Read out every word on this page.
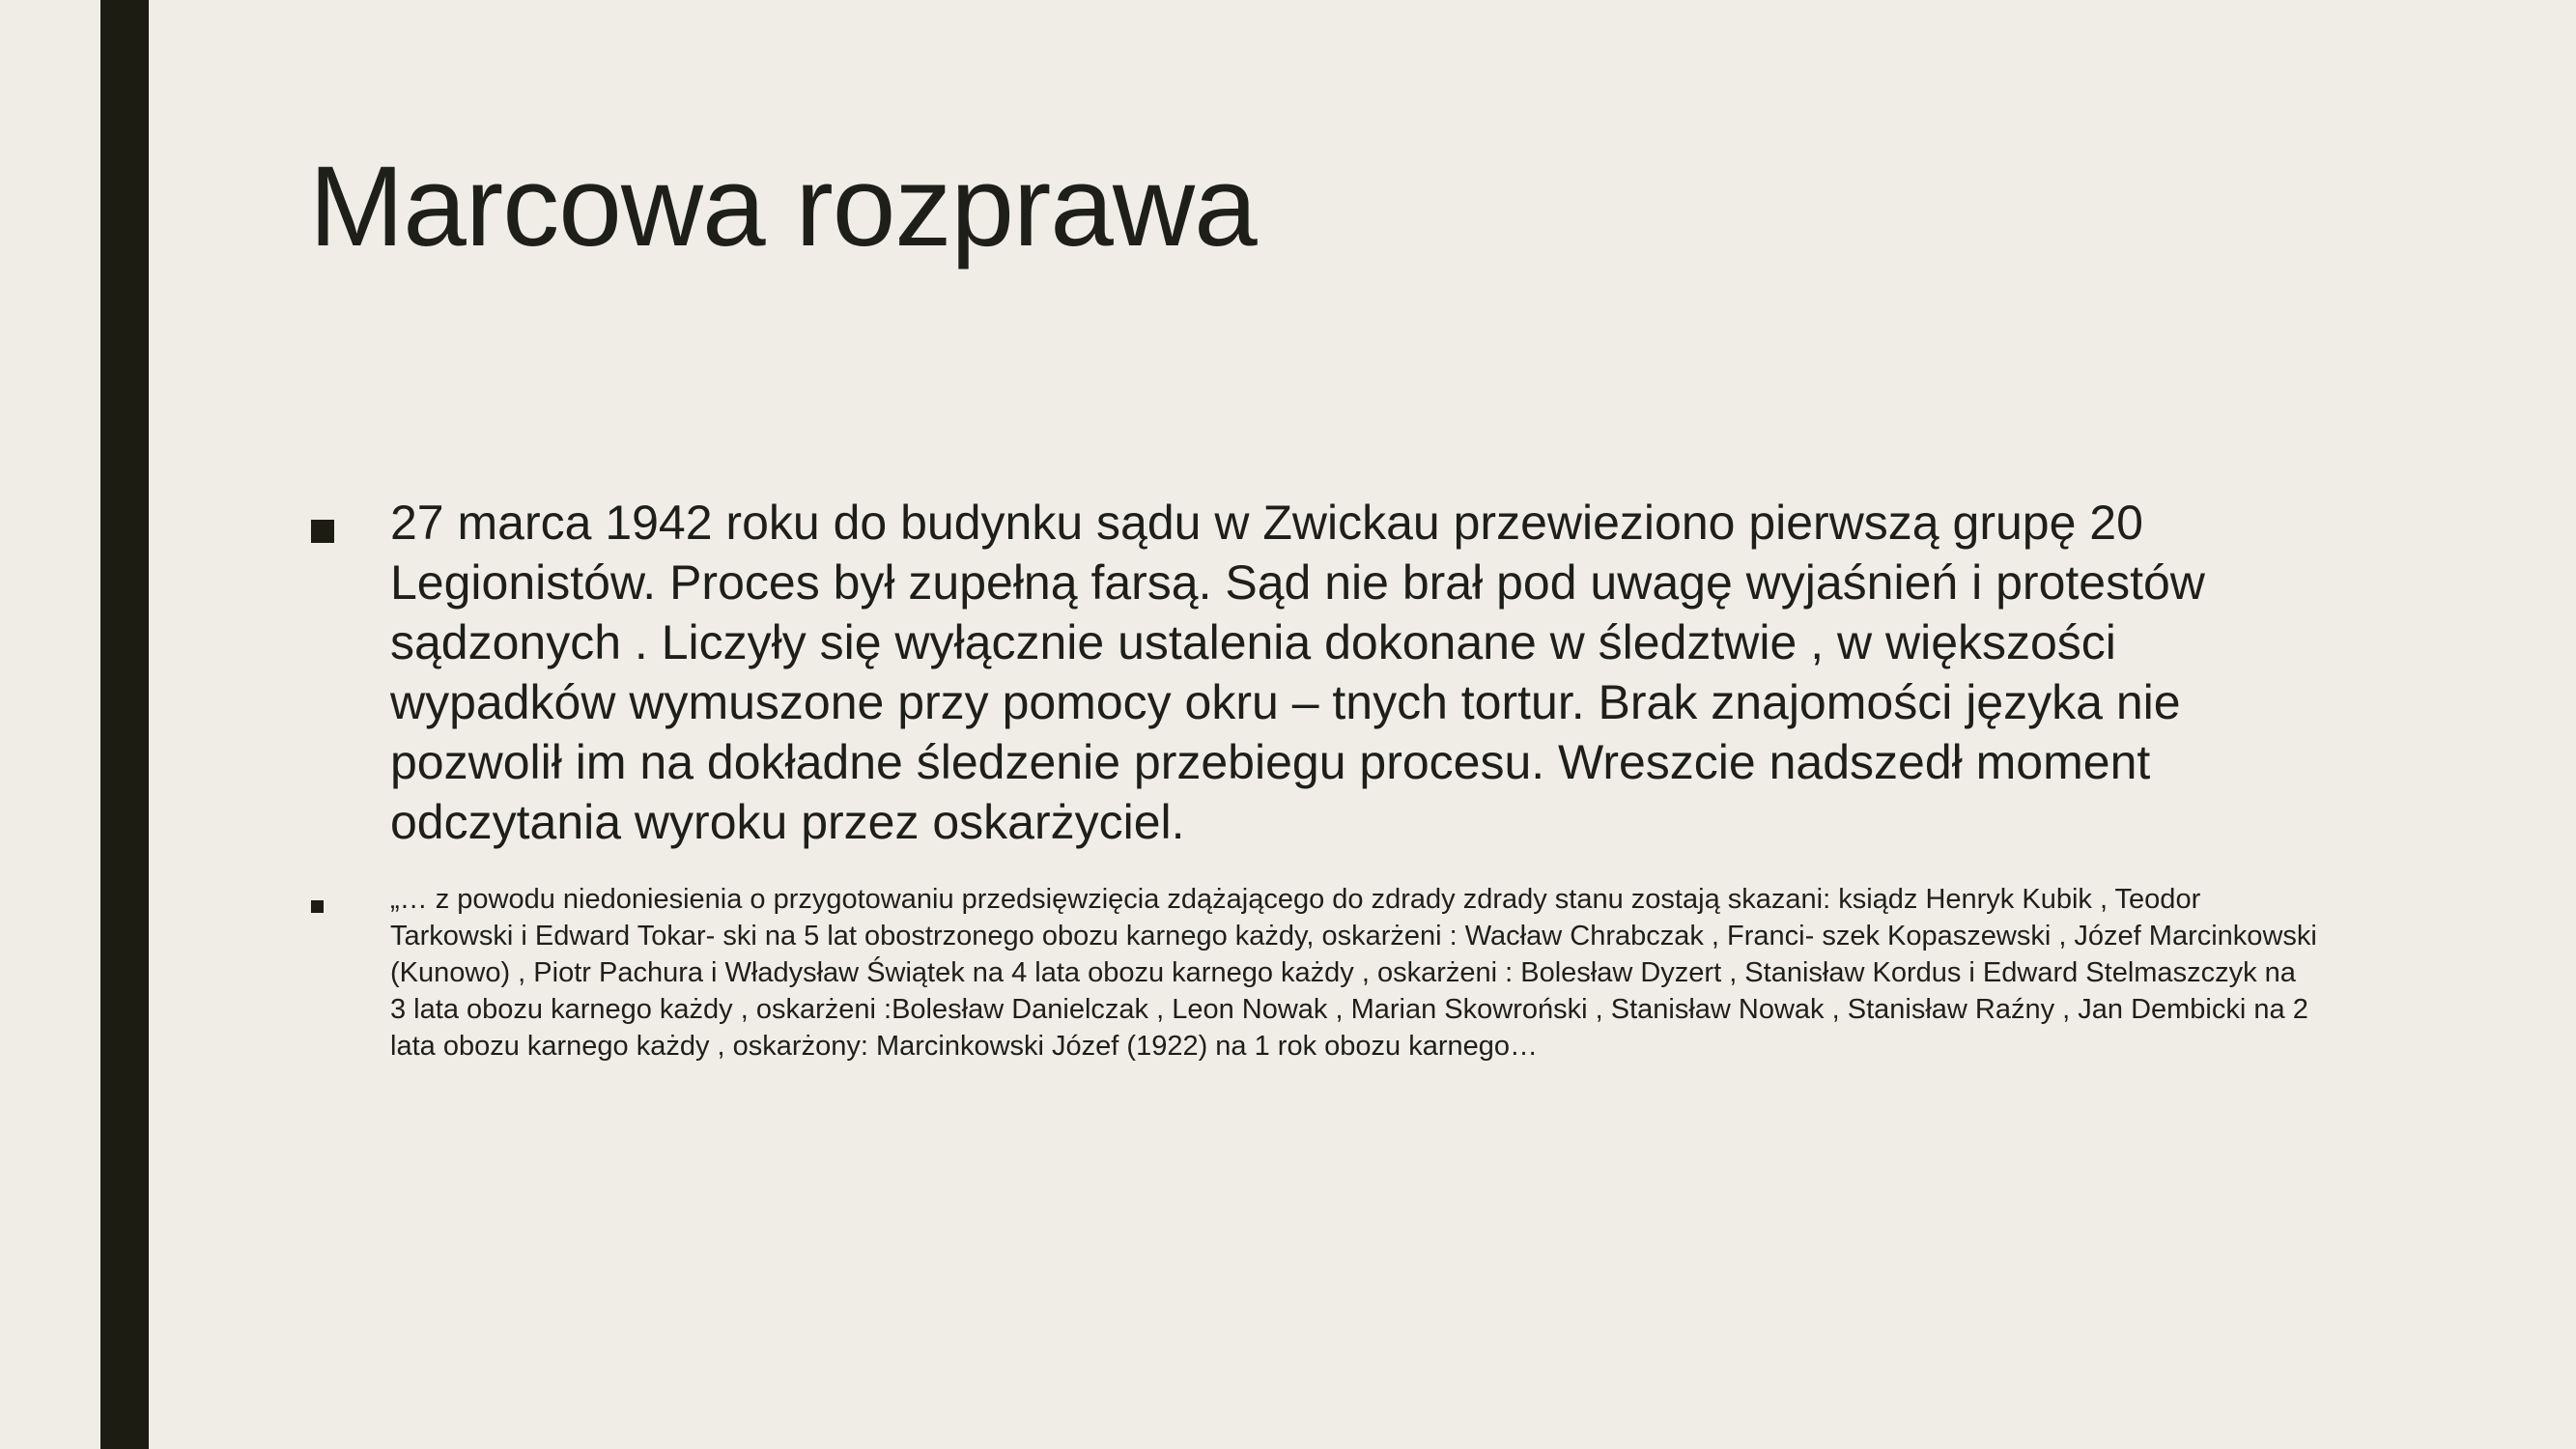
Marcowa rozprawa
27 marca 1942 roku do budynku sądu w Zwickau przewieziono pierwszą grupę 20 Legionistów. Proces był zupełną farsą. Sąd nie brał pod uwagę wyjaśnień i protestów sądzonych . Liczyły się wyłącznie ustalenia dokonane w śledztwie , w większości wypadków wymuszone przy pomocy okru – tnych tortur. Brak znajomości języka nie pozwolił im na dokładne śledzenie przebiegu procesu. Wreszcie nadszedł moment odczytania wyroku przez oskarżyciel.
„… z powodu niedoniesienia o przygotowaniu przedsięwzięcia zdążającego do zdrady zdrady stanu zostają skazani: ksiądz Henryk Kubik , Teodor Tarkowski i Edward Tokar- ski na 5 lat obostrzonego obozu karnego każdy, oskarżeni : Wacław Chrabczak , Franci- szek Kopaszewski , Józef Marcinkowski (Kunowo) , Piotr Pachura i Władysław Świątek na 4 lata obozu karnego każdy , oskarżeni : Bolesław Dyzert , Stanisław Kordus i Edward Stelmaszczyk na 3 lata obozu karnego każdy , oskarżeni :Bolesław Danielczak , Leon Nowak , Marian Skowroński , Stanisław Nowak , Stanisław Raźny , Jan Dembicki na 2 lata obozu karnego każdy , oskarżony: Marcinkowski Józef (1922) na 1 rok obozu karnego…
